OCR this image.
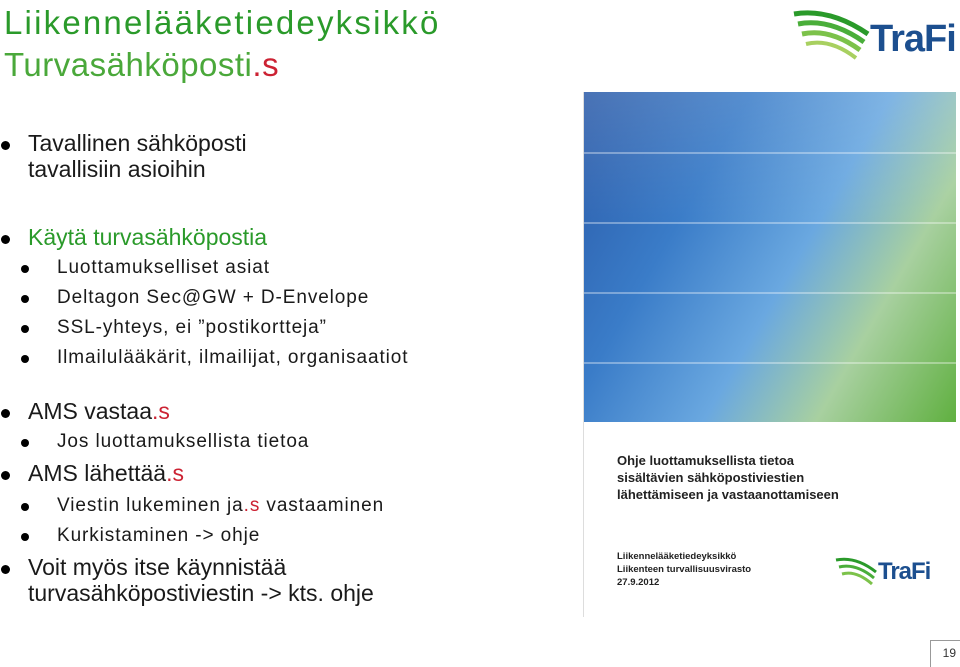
Liikennelääketiedeyksikkö
Turvasähköposti.s
TraFi
Tavallinen sähköposti
tavallisiin asioihin
Käytä turvasähköpostia
Luottamukselliset asiat
Deltagon Sec@GW + D-Envelope
SSL-yhteys, ei ”postikortteja”
Ilmailulääkärit, ilmailijat, organisaatiot
AMS vastaa.s
Jos luottamuksellista tietoa
AMS lähettää.s
Viestin lukeminen ja.s vastaaminen
Kurkistaminen -> ohje
Voit myös itse käynnistää
turvasähköpostiviestin -> kts. ohje
Ohje luottamuksellista tietoa
sisältävien sähköpostiviestien
lähettämiseen ja vastaanottamiseen
Liikennelääketiedeyksikkö
Liikenteen turvallisuusvirasto
27.9.2012	TraFi
19
